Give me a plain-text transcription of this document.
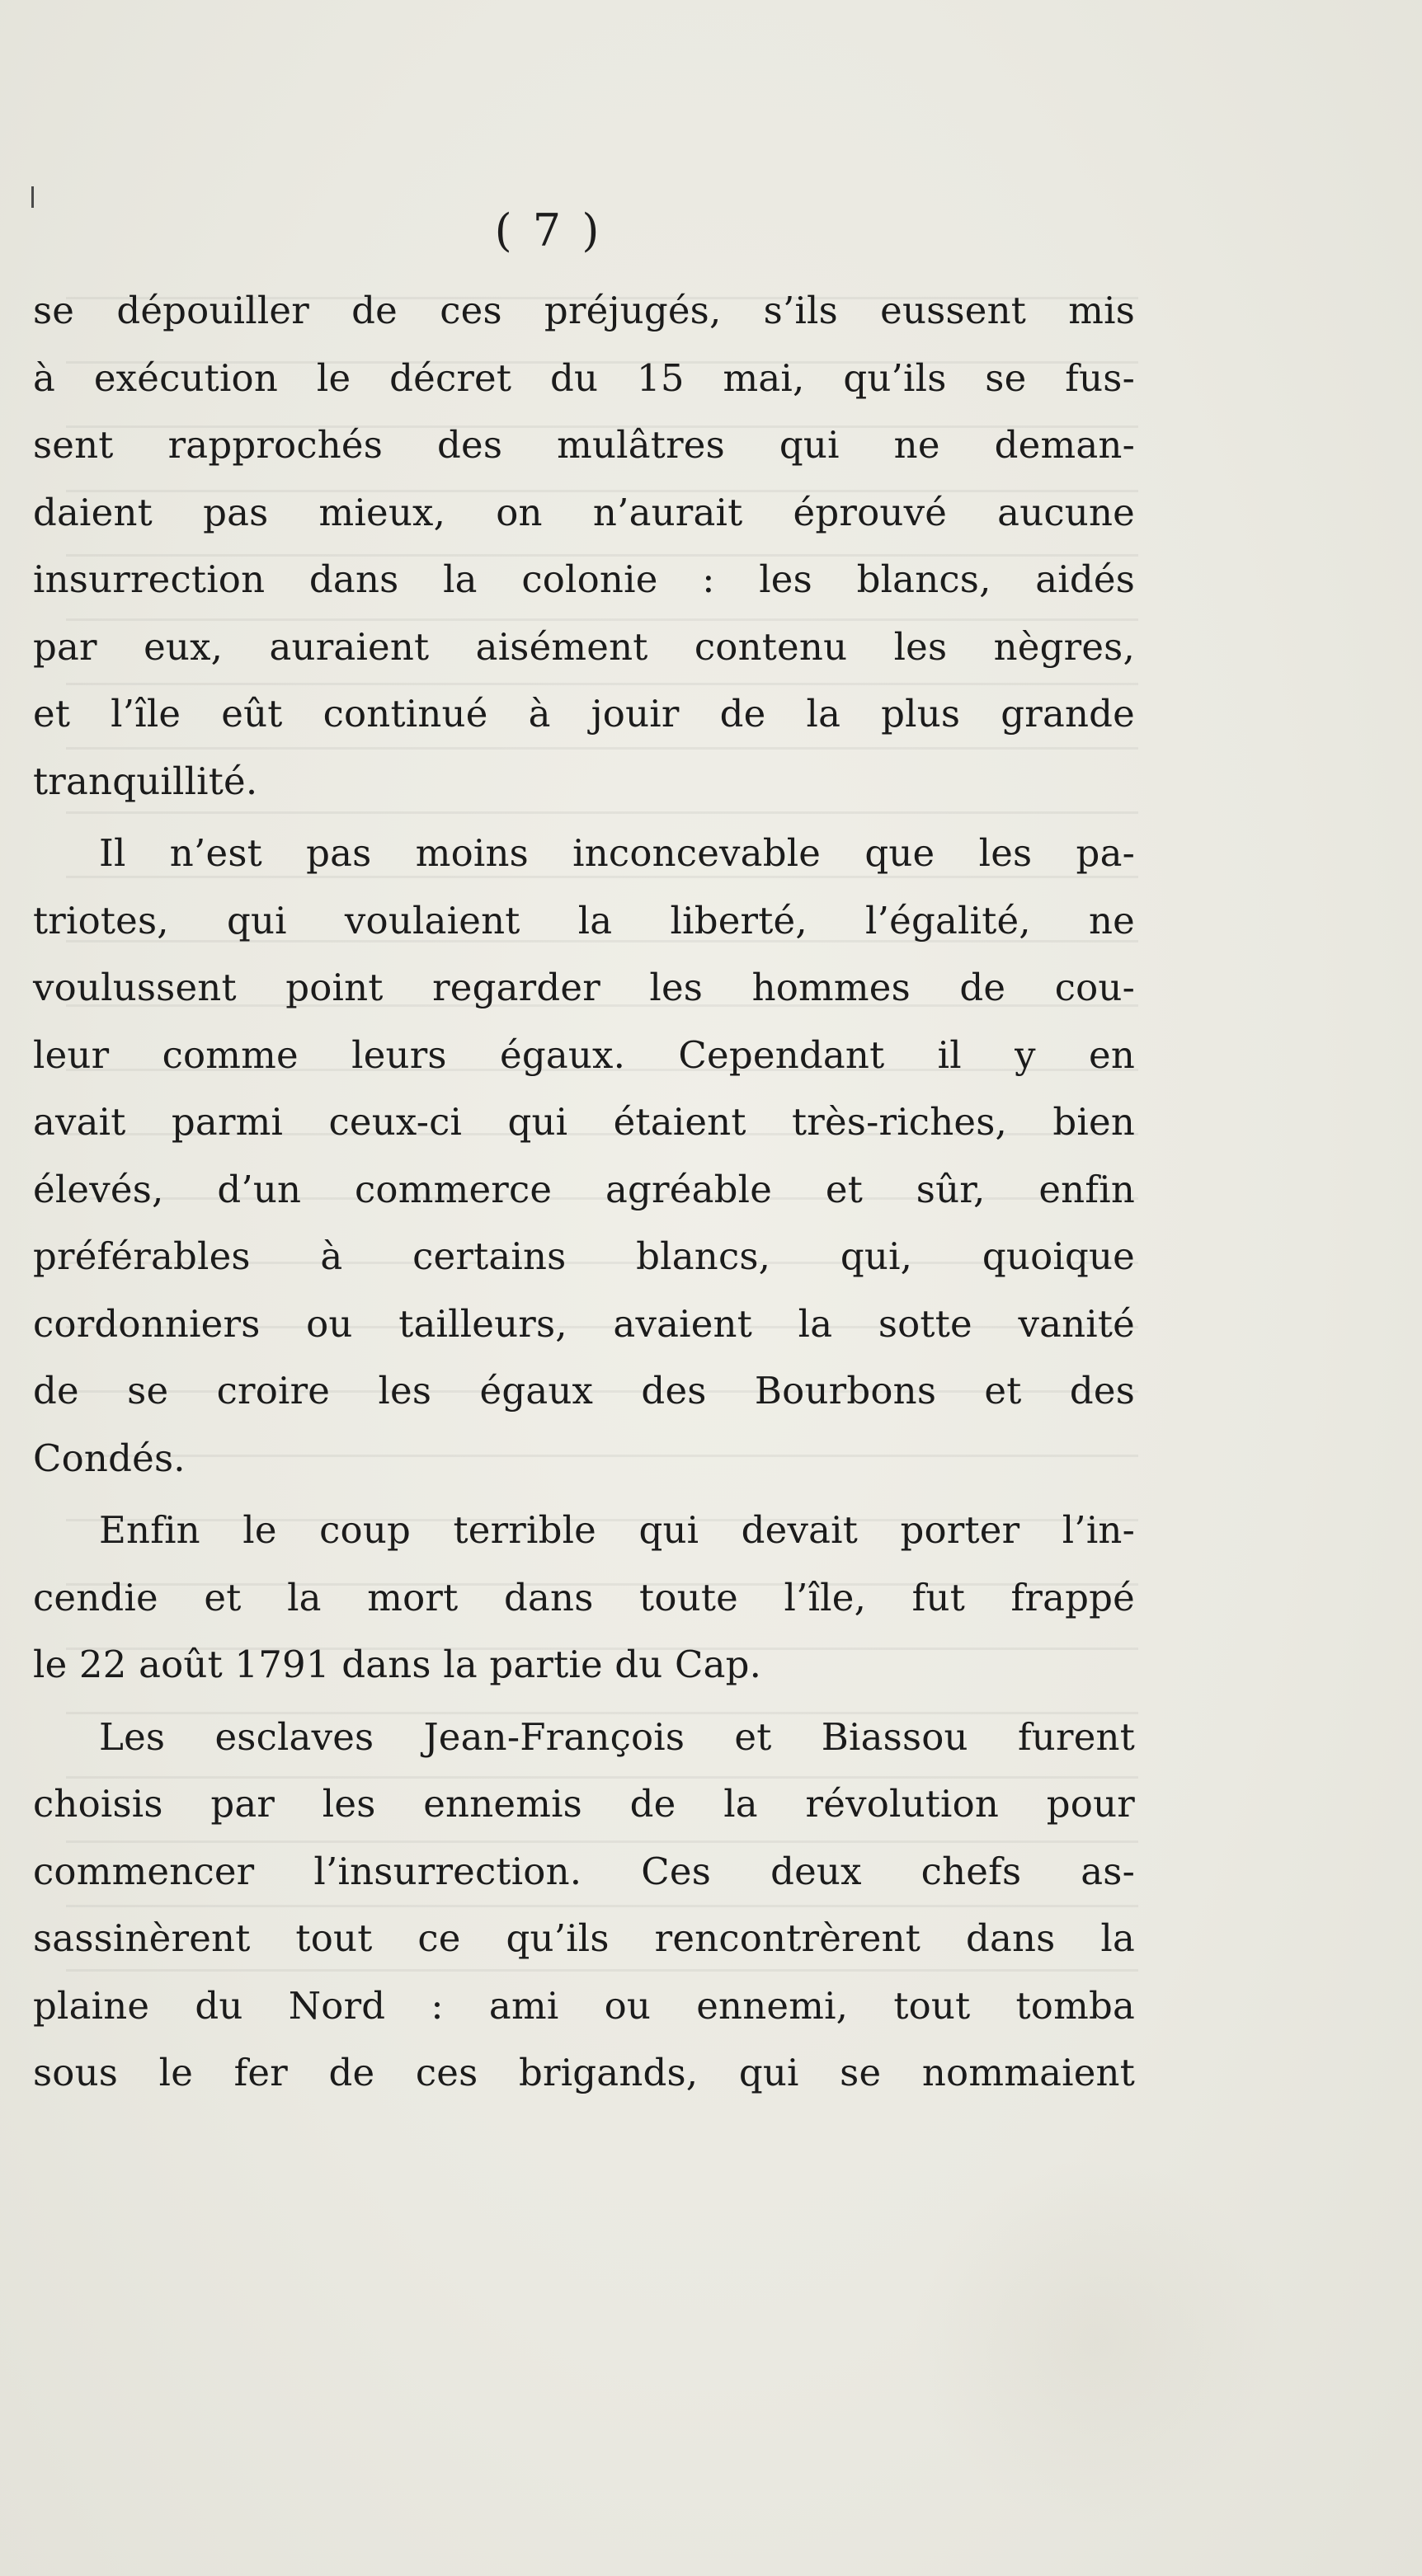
( 7 )
se dépouiller de ces préjugés, s’ils eussent mis
à exécution le décret du 15 mai, qu’ils se fus-
sent rapprochés des mulâtres qui ne deman-
daient pas mieux, on n’aurait éprouvé aucune
insurrection dans la colonie : les blancs, aidés
par eux, auraient aisément contenu les nègres,
et l’île eût continué à jouir de la plus grande
tranquillité.
Il n’est pas moins inconcevable que les pa-
triotes, qui voulaient la liberté, l’égalité, ne
voulussent point regarder les hommes de cou-
leur comme leurs égaux. Cependant il y en
avait parmi ceux-ci qui étaient très-riches, bien
élevés, d’un commerce agréable et sûr, enfin
préférables à certains blancs, qui, quoique
cordonniers ou tailleurs, avaient la sotte vanité
de se croire les égaux des Bourbons et des
Condés.
Enfin le coup terrible qui devait porter l’in-
cendie et la mort dans toute l’île, fut frappé
le 22 août 1791 dans la partie du Cap.
Les esclaves Jean-François et Biassou furent
choisis par les ennemis de la révolution pour
commencer l’insurrection. Ces deux chefs as-
sassinèrent tout ce qu’ils rencontrèrent dans la
plaine du Nord : ami ou ennemi, tout tomba
sous le fer de ces brigands, qui se nommaient
